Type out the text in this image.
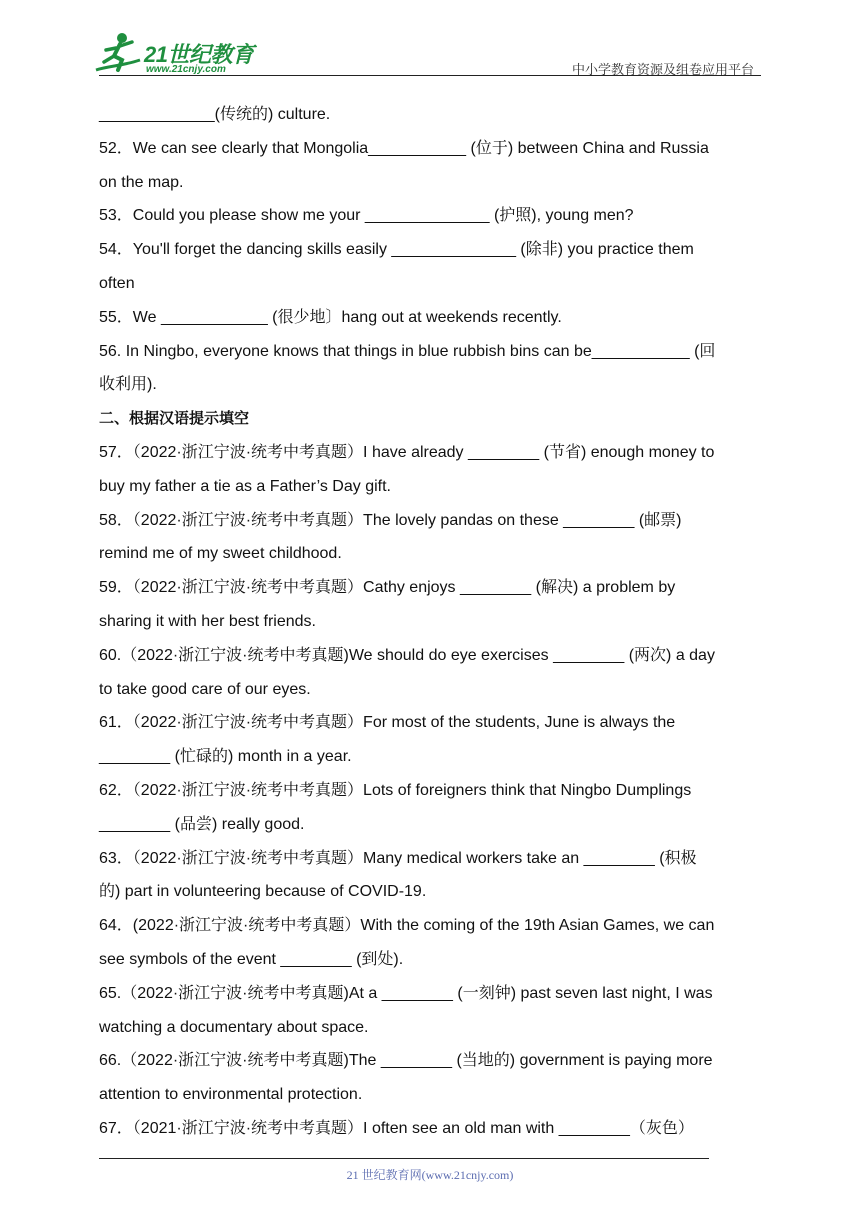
21世纪教育
www.21cnjy.com	中小学教育资源及组卷应用平台
_____________(传统的) culture.
52．We can see clearly that Mongolia___________ (位于) between China and Russia
on the map.
53．Could you please show me your ______________ (护照), young men?
54．You'll forget the dancing skills easily ______________ (除非) you practice them
often
55．We ____________ (很少地〕hang out at weekends recently.
56. In Ningbo, everyone knows that things in blue rubbish bins can be___________ (回
收利用).
二、根据汉语提示填空
57．（2022·浙江宁波·统考中考真题）I have already ________ (节省) enough money to
buy my father a tie as a Father’s Day gift.
58．（2022·浙江宁波·统考中考真题）The lovely pandas on these ________ (邮票)
remind me of my sweet childhood.
59．（2022·浙江宁波·统考中考真题）Cathy enjoys ________ (解决) a problem by
sharing it with her best friends.
60.（2022·浙江宁波·统考中考真题)We should do eye exercises ________ (两次) a day
to take good care of our eyes.
61．（2022·浙江宁波·统考中考真题）For most of the students, June is always the
________ (忙碌的) month in a year.
62．（2022·浙江宁波·统考中考真题）Lots of foreigners think that Ningbo Dumplings
________ (品尝) really good.
63．（2022·浙江宁波·统考中考真题）Many medical workers take an ________ (积极
的) part in volunteering because of COVID-19.
64．(2022·浙江宁波·统考中考真题）With the coming of the 19th Asian Games, we can
see symbols of the event ________ (到处).
65.（2022·浙江宁波·统考中考真题)At a ________ (一刻钟) past seven last night, I was
watching a documentary about space.
66.（2022·浙江宁波·统考中考真题)The ________ (当地的) government is paying more
attention to environmental protection.
67．（2021·浙江宁波·统考中考真题）I often see an old man with ________（灰色）
21 世纪教育网(www.21cnjy.com)
